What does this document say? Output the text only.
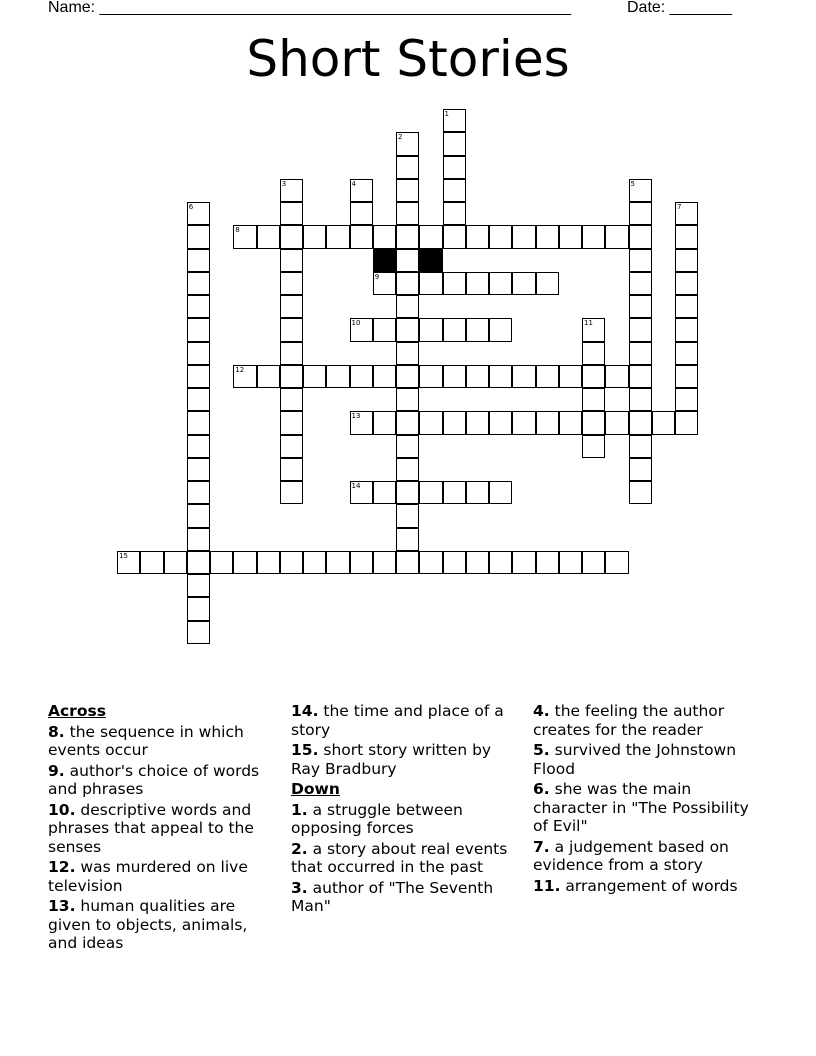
Name: _____________________________________________________	Date: _______
Short Stories
8
9
10
12
13
14
15
1
2
3	4	5
6	7
11
Across
8. the sequence in which events occur
9. author's choice of words and phrases
10. descriptive words and phrases that appeal to the senses
12. was murdered on live television
13. human qualities are given to objects, animals, and ideas
14. the time and place of a story
15. short story written by Ray Bradbury
Down
1. a struggle between opposing forces
2. a story about real events that occurred in the past
3. author of "The Seventh Man"
4. the feeling the author creates for the reader
5. survived the Johnstown Flood
6. she was the main character in "The Possibility of Evil"
7. a judgement based on evidence from a story
11. arrangement of words
